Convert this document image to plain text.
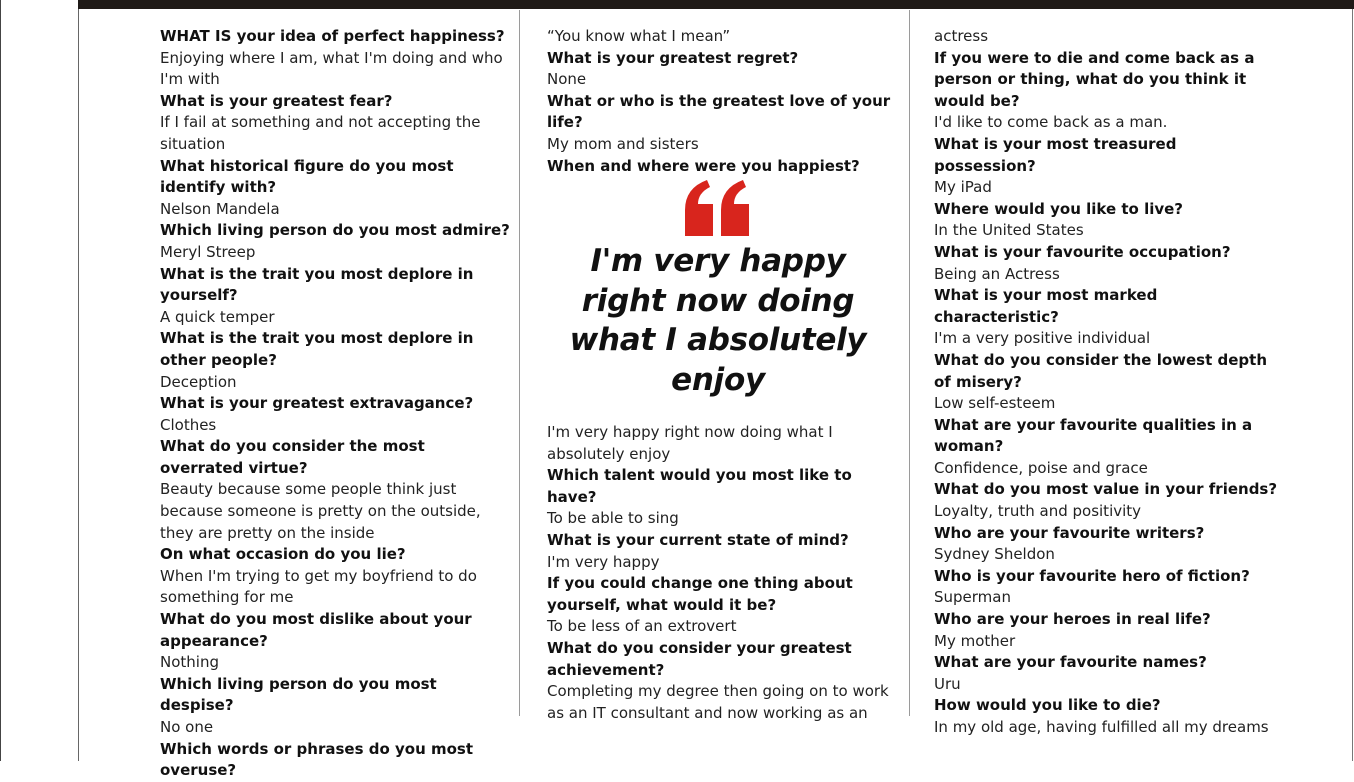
WHAT IS your idea of perfect happiness?

Enjoying where I am, what I'm doing and who I'm with

What is your greatest fear?

If I fail at something and not accepting the situation

What historical figure do you most identify with?

Nelson Mandela

Which living person do you most admire?

Meryl Streep

What is the trait you most deplore in yourself?

A quick temper

What is the trait you most deplore in other people?

Deception

What is your greatest extravagance?

Clothes

What do you consider the most overrated virtue?

Beauty because some people think just because someone is pretty on the outside, they are pretty on the inside

On what occasion do you lie?

When I'm trying to get my boyfriend to do something for me

What do you most dislike about your appearance?

Nothing

Which living person do you most despise?

No one

Which words or phrases do you most overuse?

“You know what I mean”

What is your greatest regret?

None

What or who is the greatest love of your life?

My mom and sisters

When and where were you happiest?

I'm very happy right now doing what I absolutely enjoy

I'm very happy right now doing what I absolutely enjoy

Which talent would you most like to have?

To be able to sing

What is your current state of mind?

I'm very happy

If you could change one thing about yourself, what would it be?

To be less of an extrovert

What do you consider your greatest achievement?

Completing my degree then going on to work as an IT consultant and now working as an

actress

If you were to die and come back as a person or thing, what do you think it would be?

I'd like to come back as a man.

What is your most treasured possession?

My iPad

Where would you like to live?

In the United States

What is your favourite occupation?

Being an Actress

What is your most marked characteristic?

I'm a very positive individual

What do you consider the lowest depth of misery?

Low self-esteem

What are your favourite qualities in a woman?

Confidence, poise and grace

What do you most value in your friends?

Loyalty, truth and positivity

Who are your favourite writers?

Sydney Sheldon

Who is your favourite hero of fiction?

Superman

Who are your heroes in real life?

My mother

What are your favourite names?

Uru

How would you like to die?

In my old age, having fulfilled all my dreams
